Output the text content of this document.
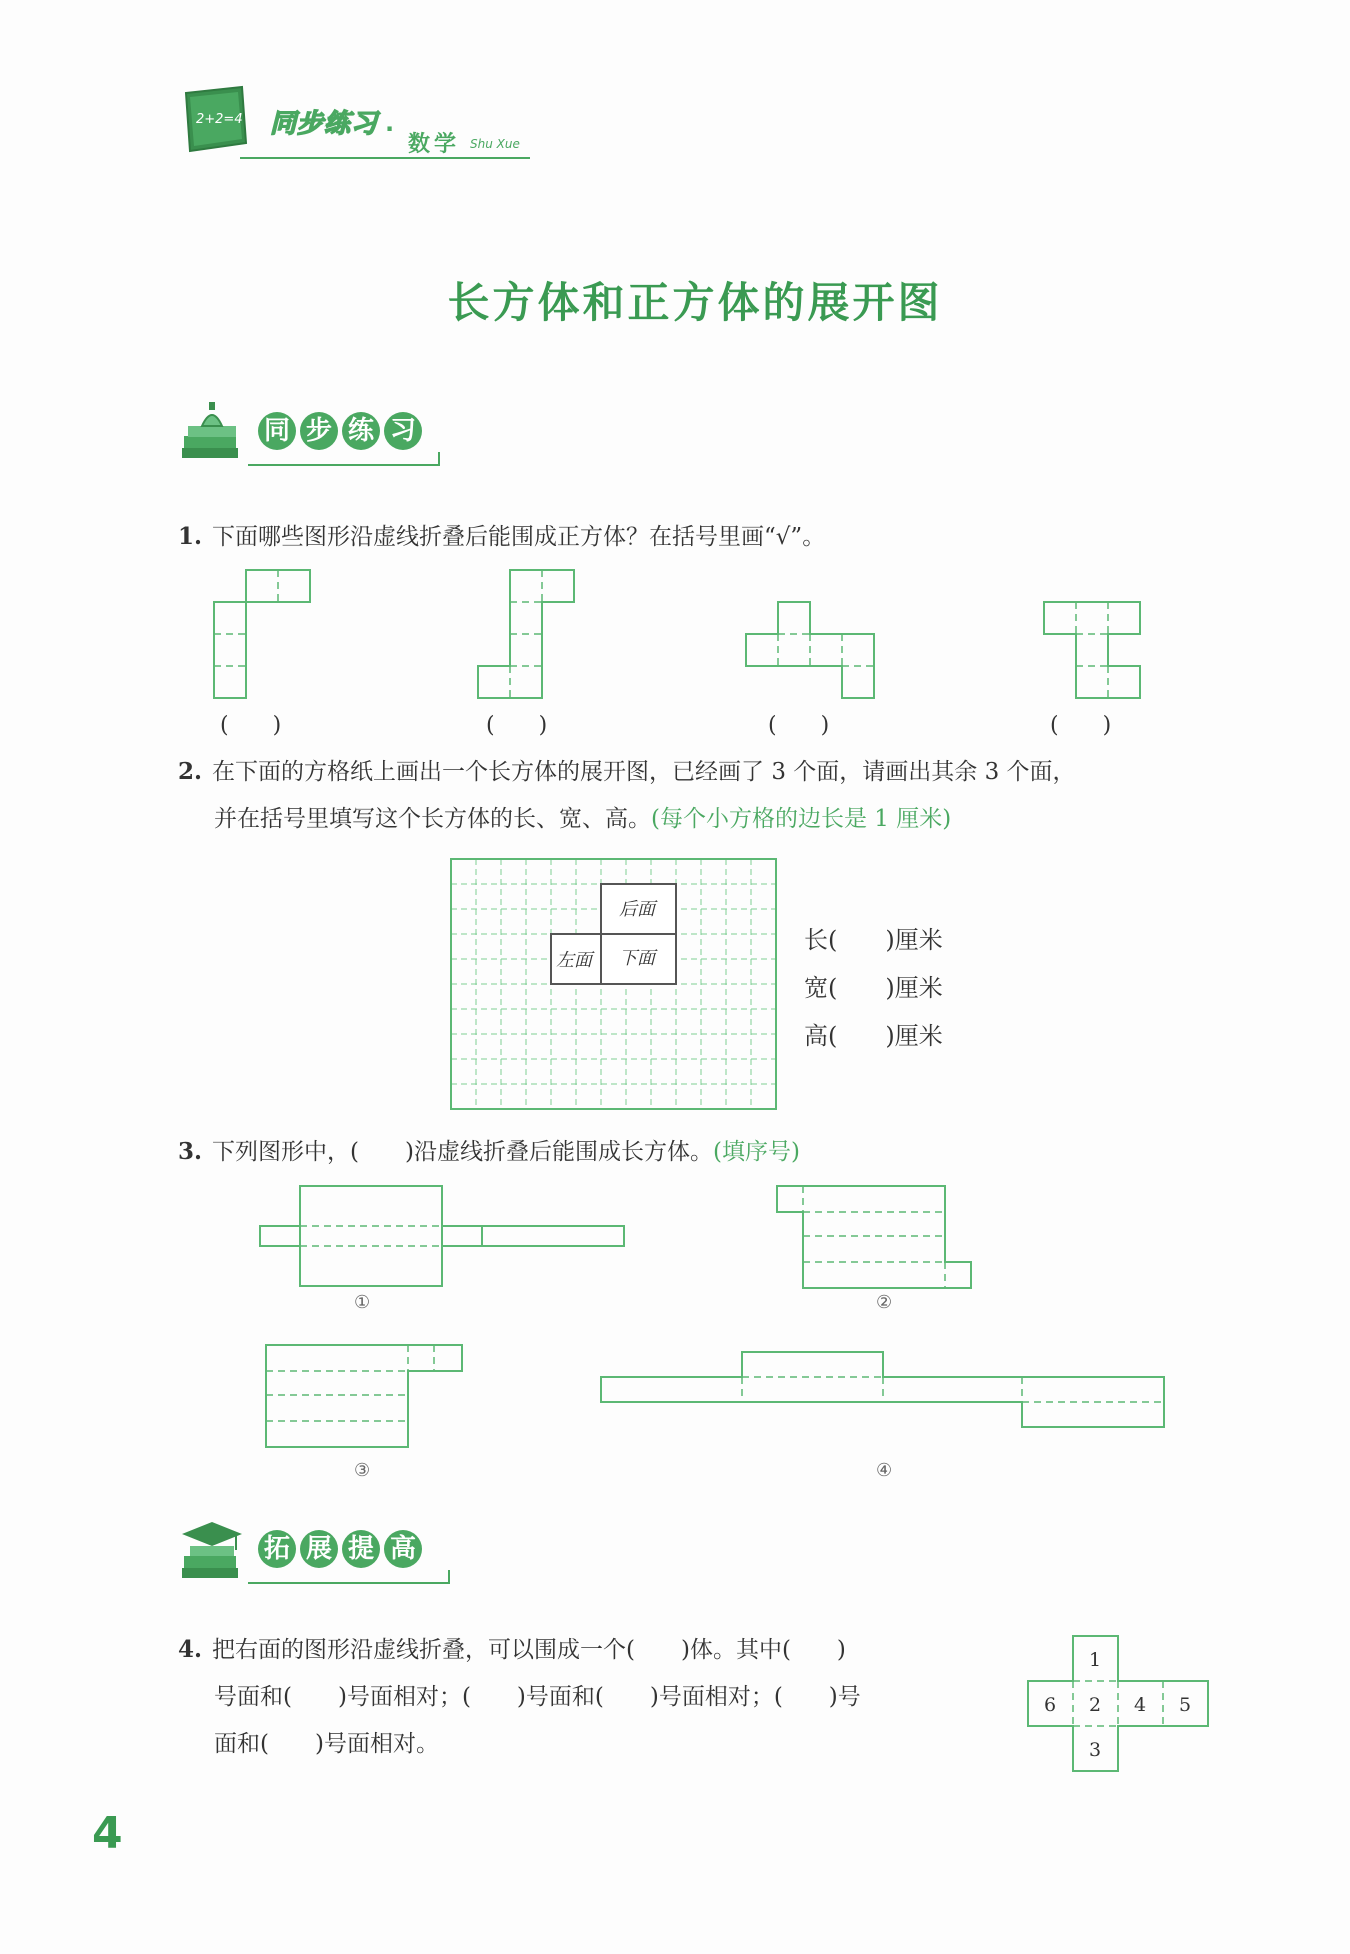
2+2=4 同步练习 ·
数学 Shu Xue
长方体和正方体的展开图
同 步 练 习
1. 下面哪些图形沿虚线折叠后能围成正方体？在括号里画“√”。
(　　)	(　　)	(　　)	(　　)
2. 在下面的方格纸上画出一个长方体的展开图，已经画了 3 个面，请画出其余 3 个面，
并在括号里填写这个长方体的长、宽、高。(每个小方格的边长是 1 厘米)
后面
下面
左面
长(　　)厘米
宽(　　)厘米
高(　　)厘米
3. 下列图形中，(　　)沿虚线折叠后能围成长方体。(填序号)
①	②
③	④
拓 展 提 高
4. 把右面的图形沿虚线折叠，可以围成一个(　　)体。其中(　　)
号面和(　　)号面相对；(　　)号面和(　　)号面相对；(　　)号
面和(　　)号面相对。
1
2
3
4 5
6
4
